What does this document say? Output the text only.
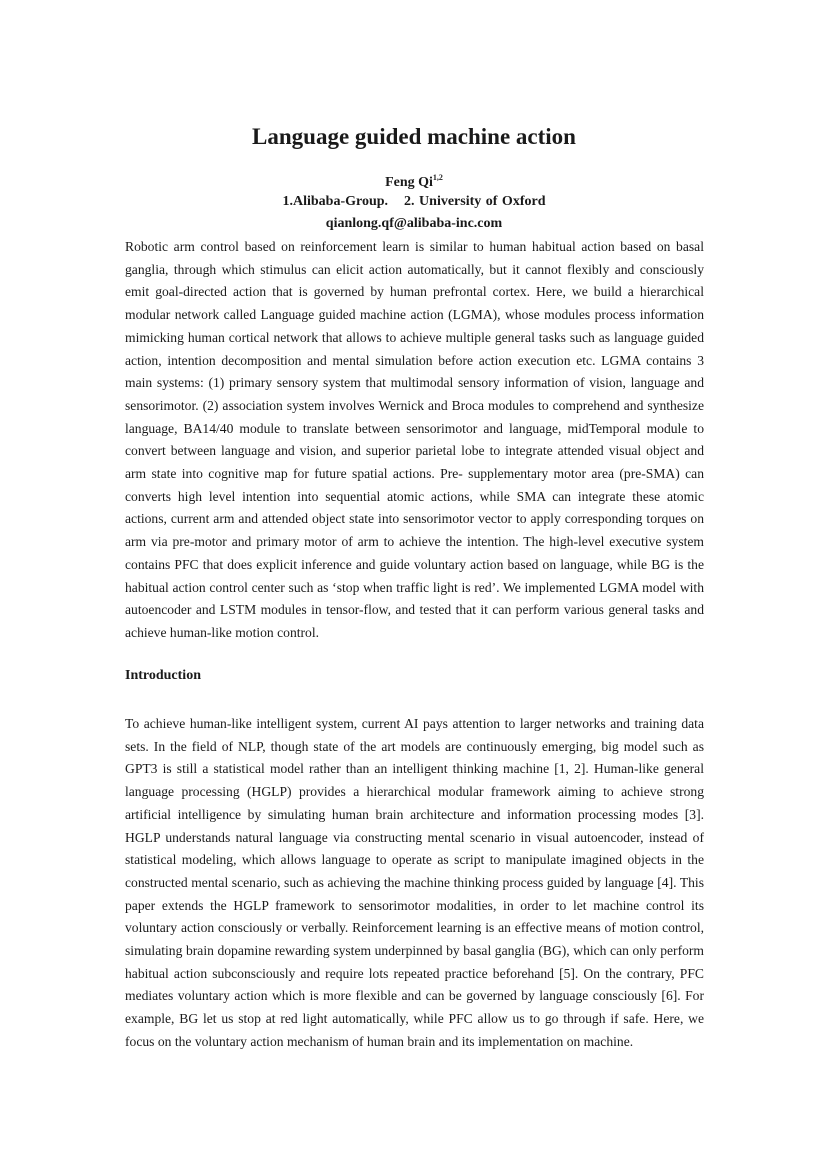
Language guided machine action
Feng Qi$^{1,2}$
1.Alibaba-Group. 2. University of Oxford
qianlong.qf@alibaba-inc.com

Robotic arm control based on reinforcement learn is similar to human habitual action based on basal ganglia, through which stimulus can elicit action automatically, but it cannot flexibly and consciously emit goal-directed action that is governed by human prefrontal cortex. Here, we build a hierarchical modular network called Language guided machine action (LGMA), whose modules process information mimicking human cortical network that allows to achieve multiple general tasks such as language guided action, intention decomposition and mental simulation before action execution etc. LGMA contains 3 main systems: (1) primary sensory system that multimodal sensory information of vision, language and sensorimotor. (2) association system involves Wernick and Broca modules to comprehend and synthesize language, BA14/40 module to translate between sensorimotor and language, midTemporal module to convert between language and vision, and superior parietal lobe to integrate attended visual object and arm state into cognitive map for future spatial actions. Pre- supplementary motor area (pre-SMA) can converts high level intention into sequential atomic actions, while SMA can integrate these atomic actions, current arm and attended object state into sensorimotor vector to apply corresponding torques on arm via pre-motor and primary motor of arm to achieve the intention. The high-level executive system contains PFC that does explicit inference and guide voluntary action based on language, while BG is the habitual action control center such as ‘stop when traffic light is red’. We implemented LGMA model with autoencoder and LSTM modules in tensor-flow, and tested that it can perform various general tasks and achieve human-like motion control.

Introduction

To achieve human-like intelligent system, current AI pays attention to larger networks and training data sets. In the field of NLP, though state of the art models are continuously emerging, big model such as GPT3 is still a statistical model rather than an intelligent thinking machine [1, 2]. Human-like general language processing (HGLP) provides a hierarchical modular framework aiming to achieve strong artificial intelligence by simulating human brain architecture and information processing modes [3]. HGLP understands natural language via constructing mental scenario in visual autoencoder, instead of statistical modeling, which allows language to operate as script to manipulate imagined objects in the constructed mental scenario, such as achieving the machine thinking process guided by language [4]. This paper extends the HGLP framework to sensorimotor modalities, in order to let machine control its voluntary action consciously or verbally. Reinforcement learning is an effective means of motion control, simulating brain dopamine rewarding system underpinned by basal ganglia (BG), which can only perform habitual action subconsciously and require lots repeated practice beforehand [5]. On the contrary, PFC mediates voluntary action which is more flexible and can be governed by language consciously [6]. For example, BG let us stop at red light automatically, while PFC allow us to go through if safe. Here, we focus on the voluntary action mechanism of human brain and its implementation on machine.
